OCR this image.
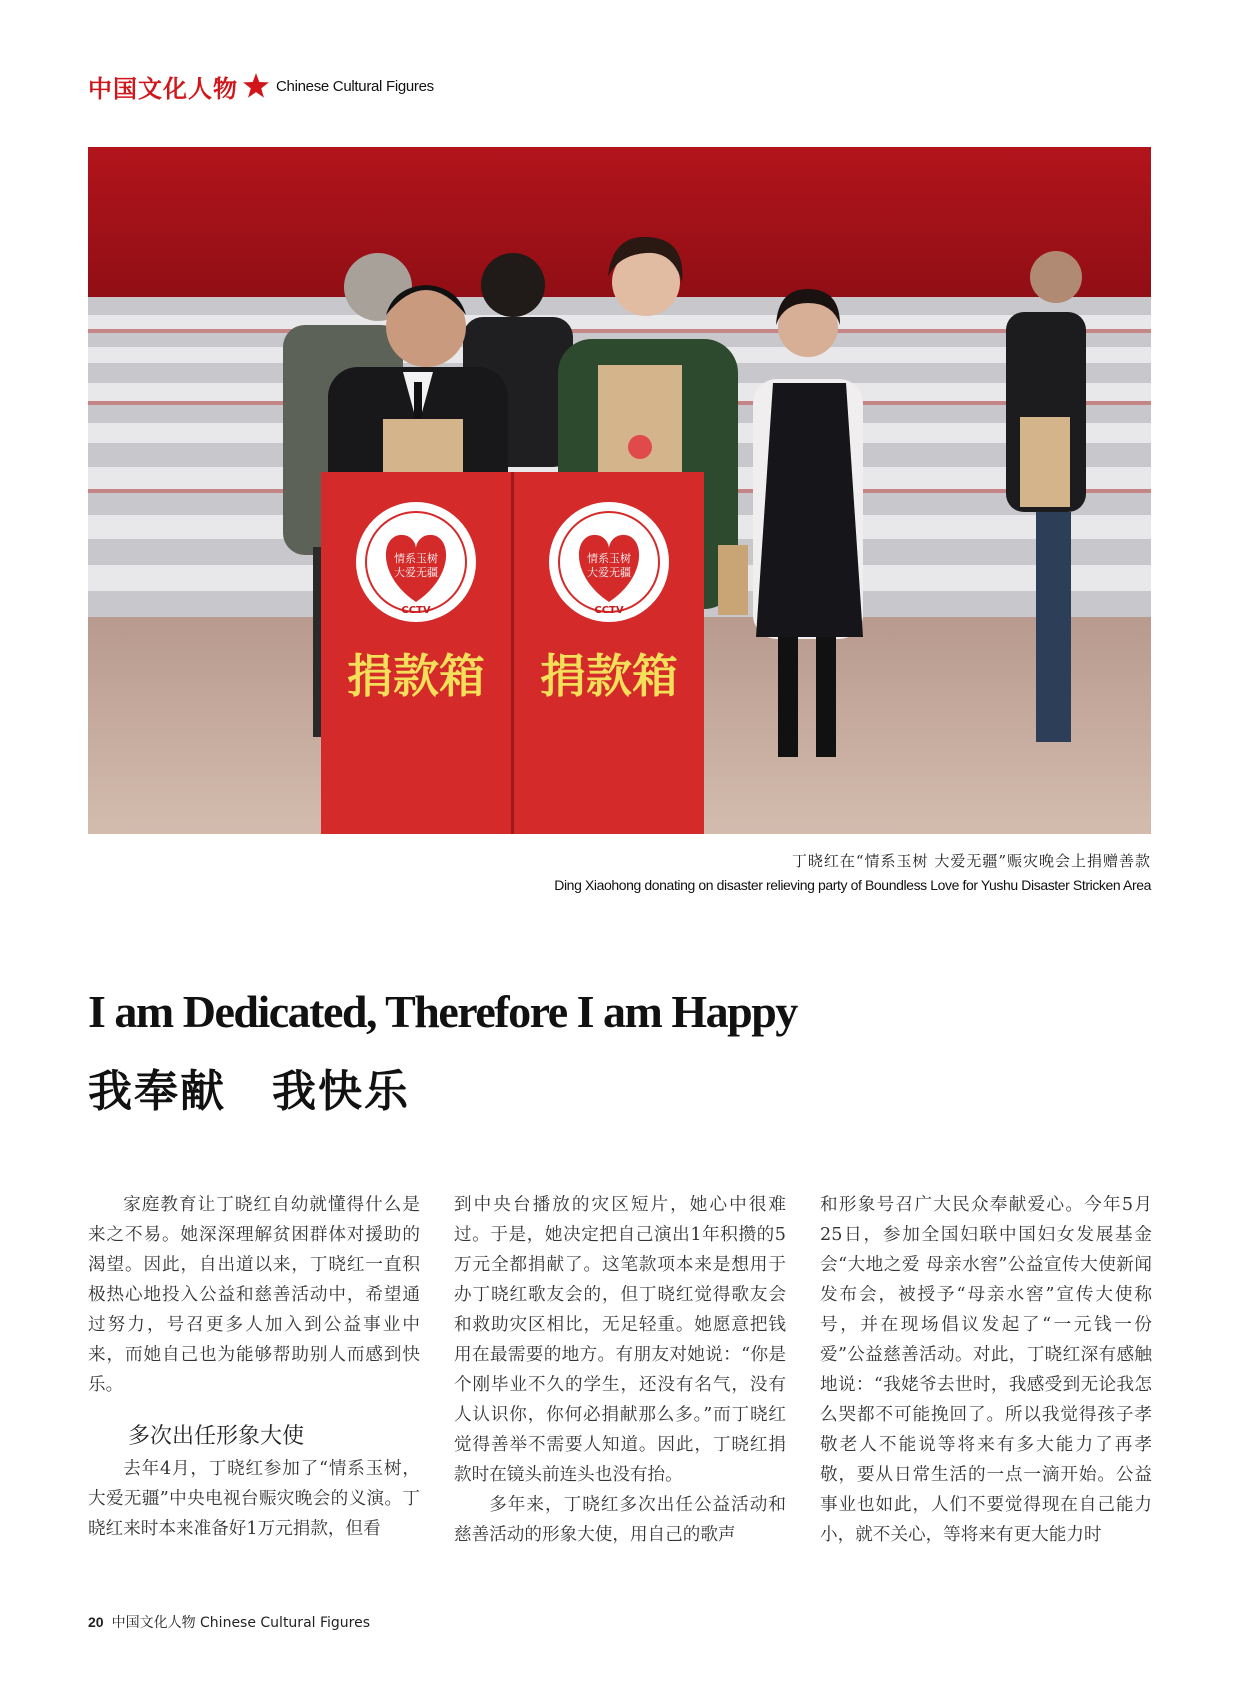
中国文化人物	Chinese Cultural Figures
情系玉树
大爱无疆
CCTV
捐款箱
情系玉树
大爱无疆
CCTV
捐款箱
丁晓红在“情系玉树 大爱无疆”赈灾晚会上捐赠善款
Ding Xiaohong donating on disaster relieving party of Boundless Love for Yushu Disaster Stricken Area
I am Dedicated, Therefore I am Happy
我奉献　我快乐

家庭教育让丁晓红自幼就懂得什么是来之不易。她深深理解贫困群体对援助的渴望。因此，自出道以来，丁晓红一直积极热心地投入公益和慈善活动中，希望通过努力，号召更多人加入到公益事业中来，而她自己也为能够帮助别人而感到快乐。

多次出任形象大使

去年4月，丁晓红参加了“情系玉树，大爱无疆”中央电视台赈灾晚会的义演。丁晓红来时本来准备好1万元捐款，但看

到中央台播放的灾区短片，她心中很难过。于是，她决定把自己演出1年积攒的5万元全都捐献了。这笔款项本来是想用于办丁晓红歌友会的，但丁晓红觉得歌友会和救助灾区相比，无足轻重。她愿意把钱用在最需要的地方。有朋友对她说：“你是个刚毕业不久的学生，还没有名气，没有人认识你，你何必捐献那么多。”而丁晓红觉得善举不需要人知道。因此，丁晓红捐款时在镜头前连头也没有抬。

多年来，丁晓红多次出任公益活动和慈善活动的形象大使，用自己的歌声

和形象号召广大民众奉献爱心。今年5月25日，参加全国妇联中国妇女发展基金会“大地之爱 母亲水窖”公益宣传大使新闻发布会，被授予“母亲水窖”宣传大使称号，并在现场倡议发起了“一元钱一份爱”公益慈善活动。对此，丁晓红深有感触地说：“我姥爷去世时，我感受到无论我怎么哭都不可能挽回了。所以我觉得孩子孝敬老人不能说等将来有多大能力了再孝敬，要从日常生活的一点一滴开始。公益事业也如此，人们不要觉得现在自己能力小，就不关心，等将来有更大能力时

20 中国文化人物 Chinese Cultural Figures
